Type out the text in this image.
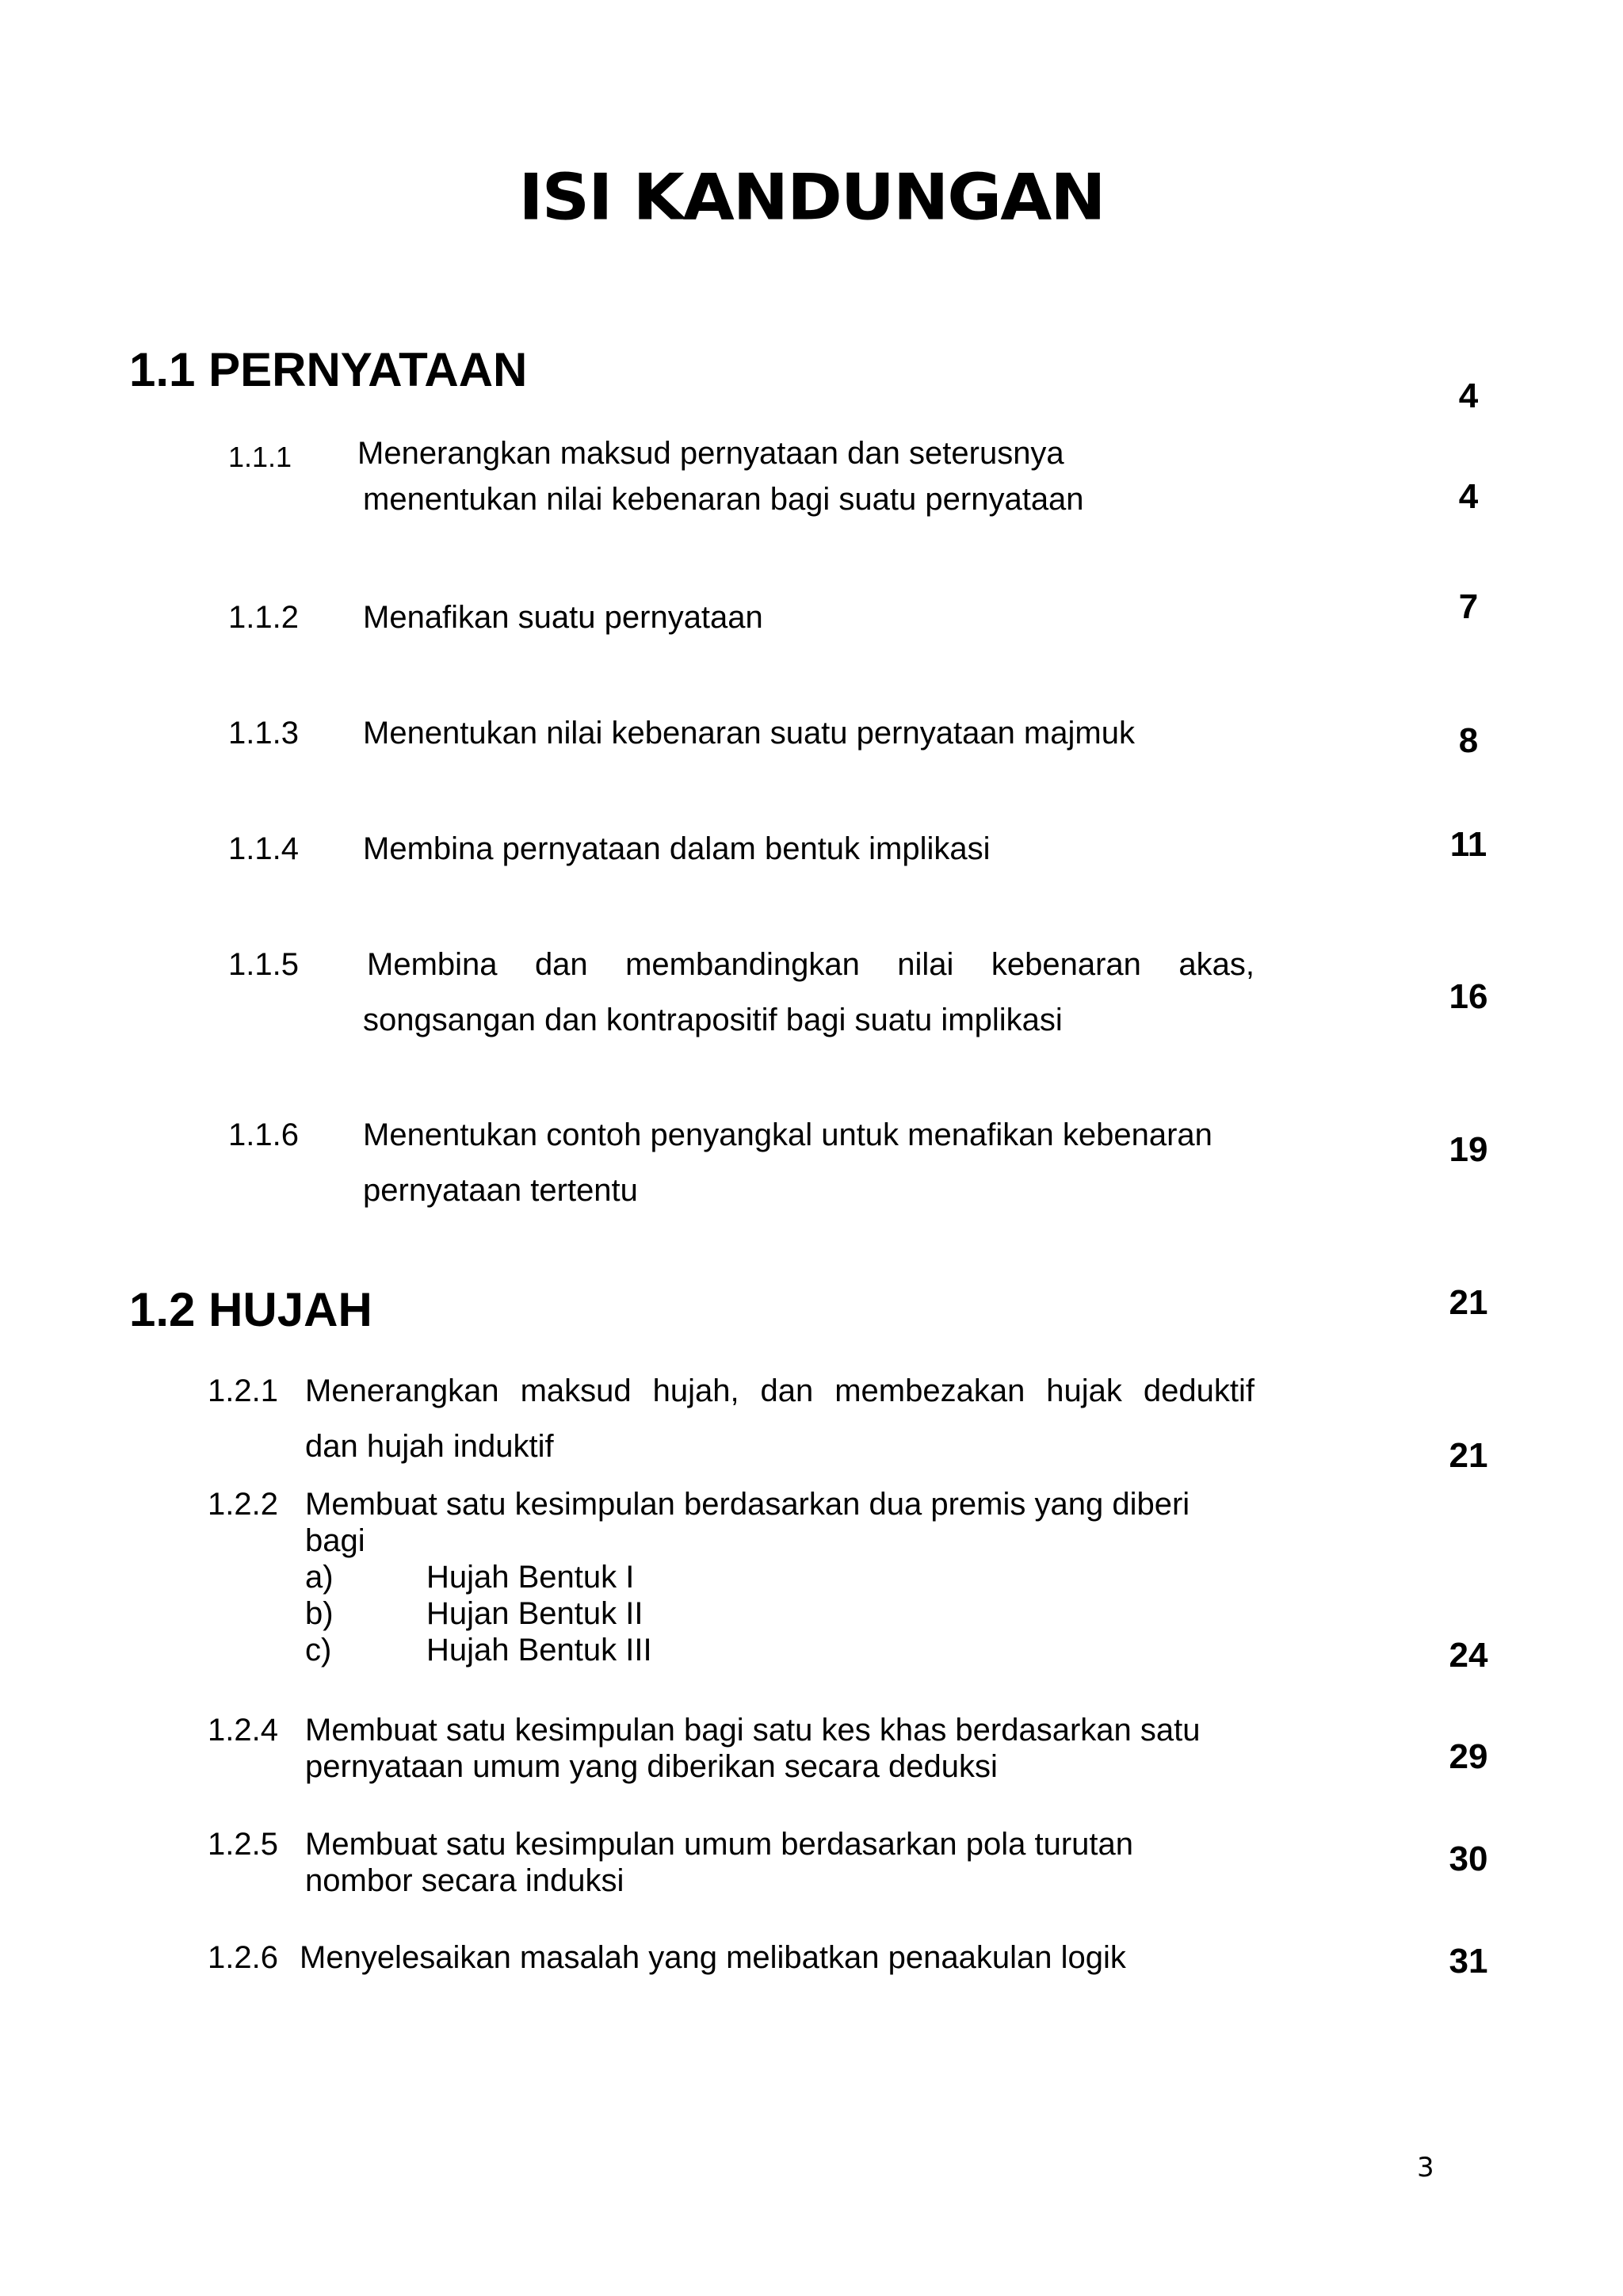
ISI KANDUNGAN
1.1 PERNYATAAN	4
1.1.1 Menerangkan maksud pernyataan dan seterusnya
menentukan nilai kebenaran bagi suatu pernyataan	4
1.1.2 Menafikan suatu pernyataan	7
1.1.3 Menentukan nilai kebenaran suatu pernyataan majmuk	8
1.1.4 Membina pernyataan dalam bentuk implikasi	11
1.1.5 Membina dan membandingkan nilai kebenaran akas,
songsangan dan kontrapositif bagi suatu implikasi
16
1.1.6 Menentukan contoh penyangkal untuk menafikan kebenaran
pernyataan tertentu
19
1.2 HUJAH	21
1.2.1 Menerangkan maksud hujah, dan membezakan hujak deduktif
dan hujah induktif	21
1.2.2 Membuat satu kesimpulan berdasarkan dua premis yang diberi
bagi
a)	Hujah Bentuk I
b)	Hujan Bentuk II
c)	Hujah Bentuk III	24
1.2.4 Membuat satu kesimpulan bagi satu kes khas berdasarkan satu
pernyataan umum yang diberikan secara deduksi	29
1.2.5 Membuat satu kesimpulan umum berdasarkan pola turutan
nombor secara induksi
30
1.2.6 Menyelesaikan masalah yang melibatkan penaakulan logik	31
3
